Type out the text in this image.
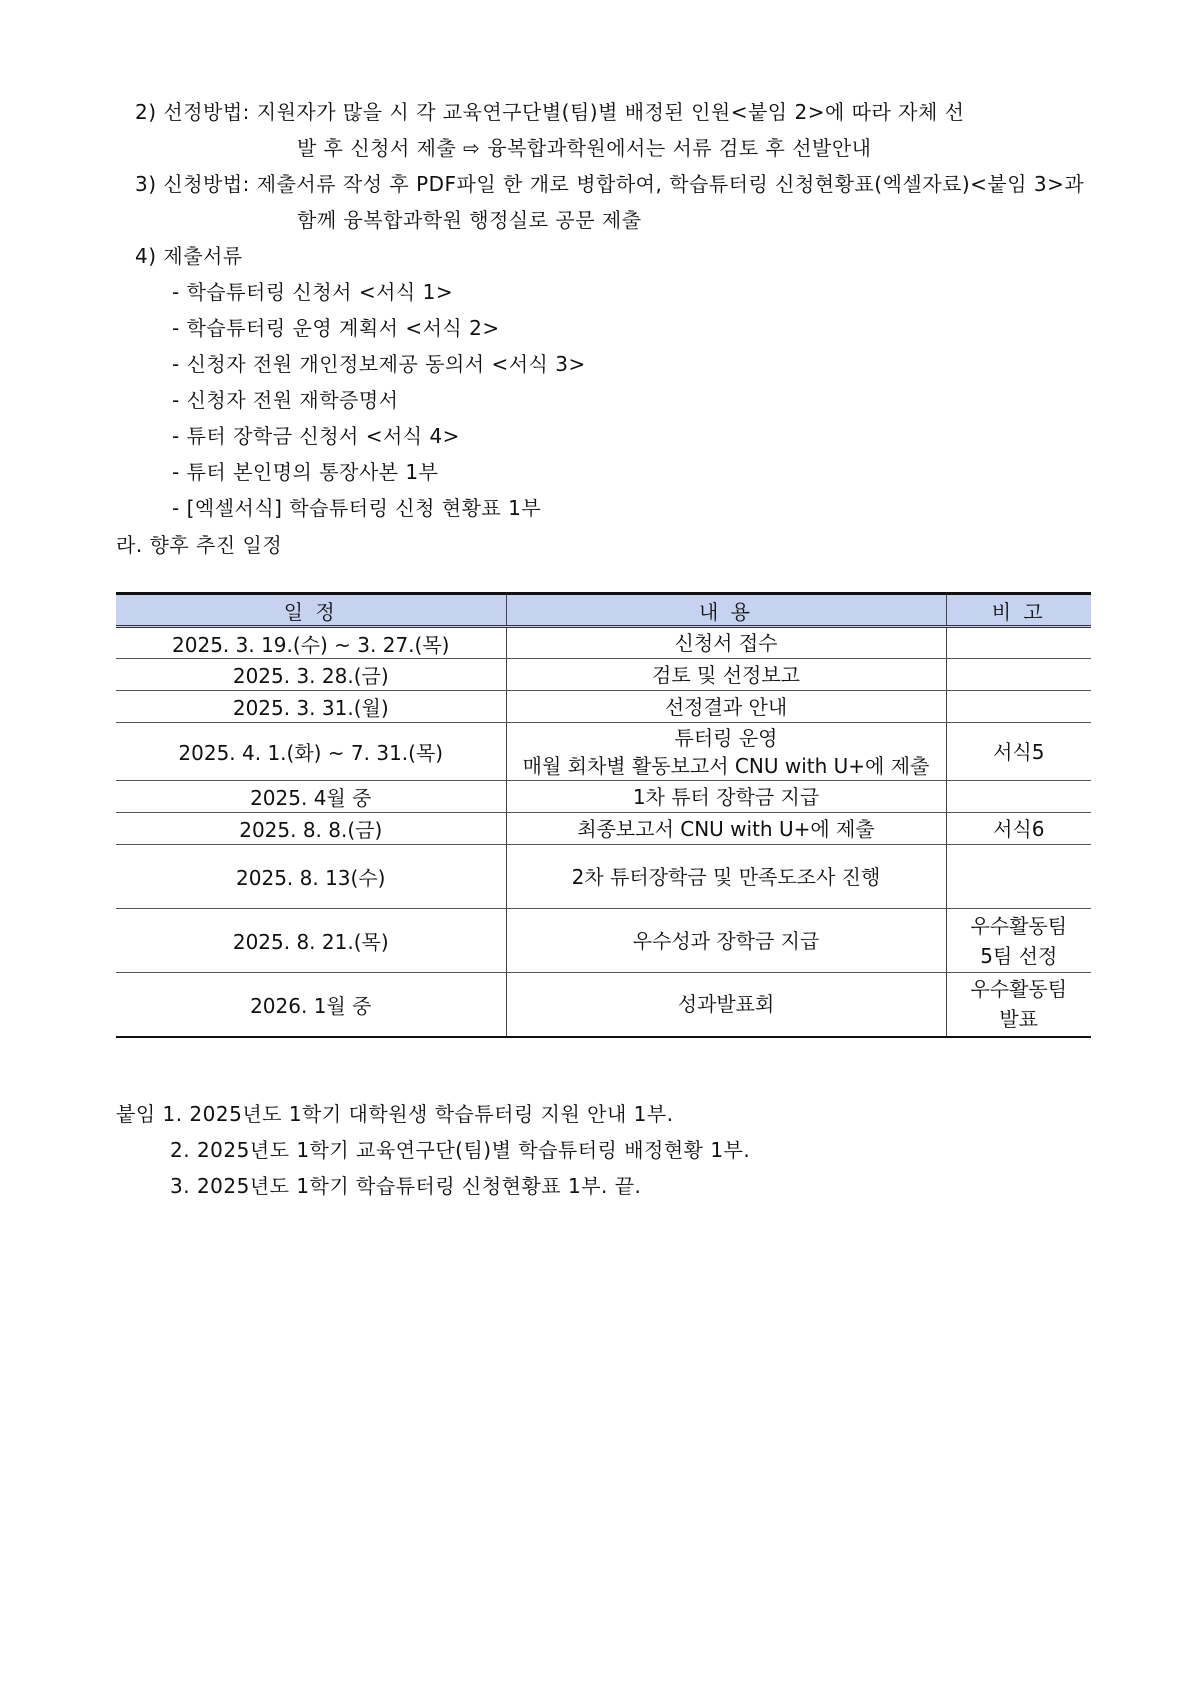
2) 선정방법: 지원자가 많을 시 각 교육연구단별(팀)별 배정된 인원<붙임 2>에 따라 자체 선
발 후 신청서 제출 ⇨ 융복합과학원에서는 서류 검토 후 선발안내
3) 신청방법: 제출서류 작성 후 PDF파일 한 개로 병합하여, 학습튜터링 신청현황표(엑셀자료)<붙임 3>과
함께 융복합과학원 행정실로 공문 제출
4) 제출서류
- 학습튜터링 신청서 <서식 1>
- 학습튜터링 운영 계획서 <서식 2>
- 신청자 전원 개인정보제공 동의서 <서식 3>
- 신청자 전원 재학증명서
- 튜터 장학금 신청서 <서식 4>
- 튜터 본인명의 통장사본 1부
- [엑셀서식] 학습튜터링 신청 현황표 1부
라. 향후 추진 일정
일 정	내 용	비 고
2025. 3. 19.(수) ~ 3. 27.(목)	신청서 접수	

2025. 3. 28.(금)	검토 및 선정보고	

2025. 3. 31.(월)	선정결과 안내	

2025. 4. 1.(화) ~ 7. 31.(목)	튜터링 운영
매월 회차별 활동보고서 CNU with U+에 제출	서식5

2025. 4월 중	1차 튜터 장학금 지급	

2025. 8. 8.(금)	최종보고서 CNU with U+에 제출	서식6

2025. 8. 13(수)	2차 튜터장학금 및 만족도조사 진행	

2025. 8. 21.(목)	우수성과 장학금 지급	우수활동팀
5팀 선정

2026. 1월 중	성과발표회	우수활동팀
발표
붙임 1. 2025년도 1학기 대학원생 학습튜터링 지원 안내 1부.
2. 2025년도 1학기 교육연구단(팀)별 학습튜터링 배정현황 1부.
3. 2025년도 1학기 학습튜터링 신청현황표 1부. 끝.
